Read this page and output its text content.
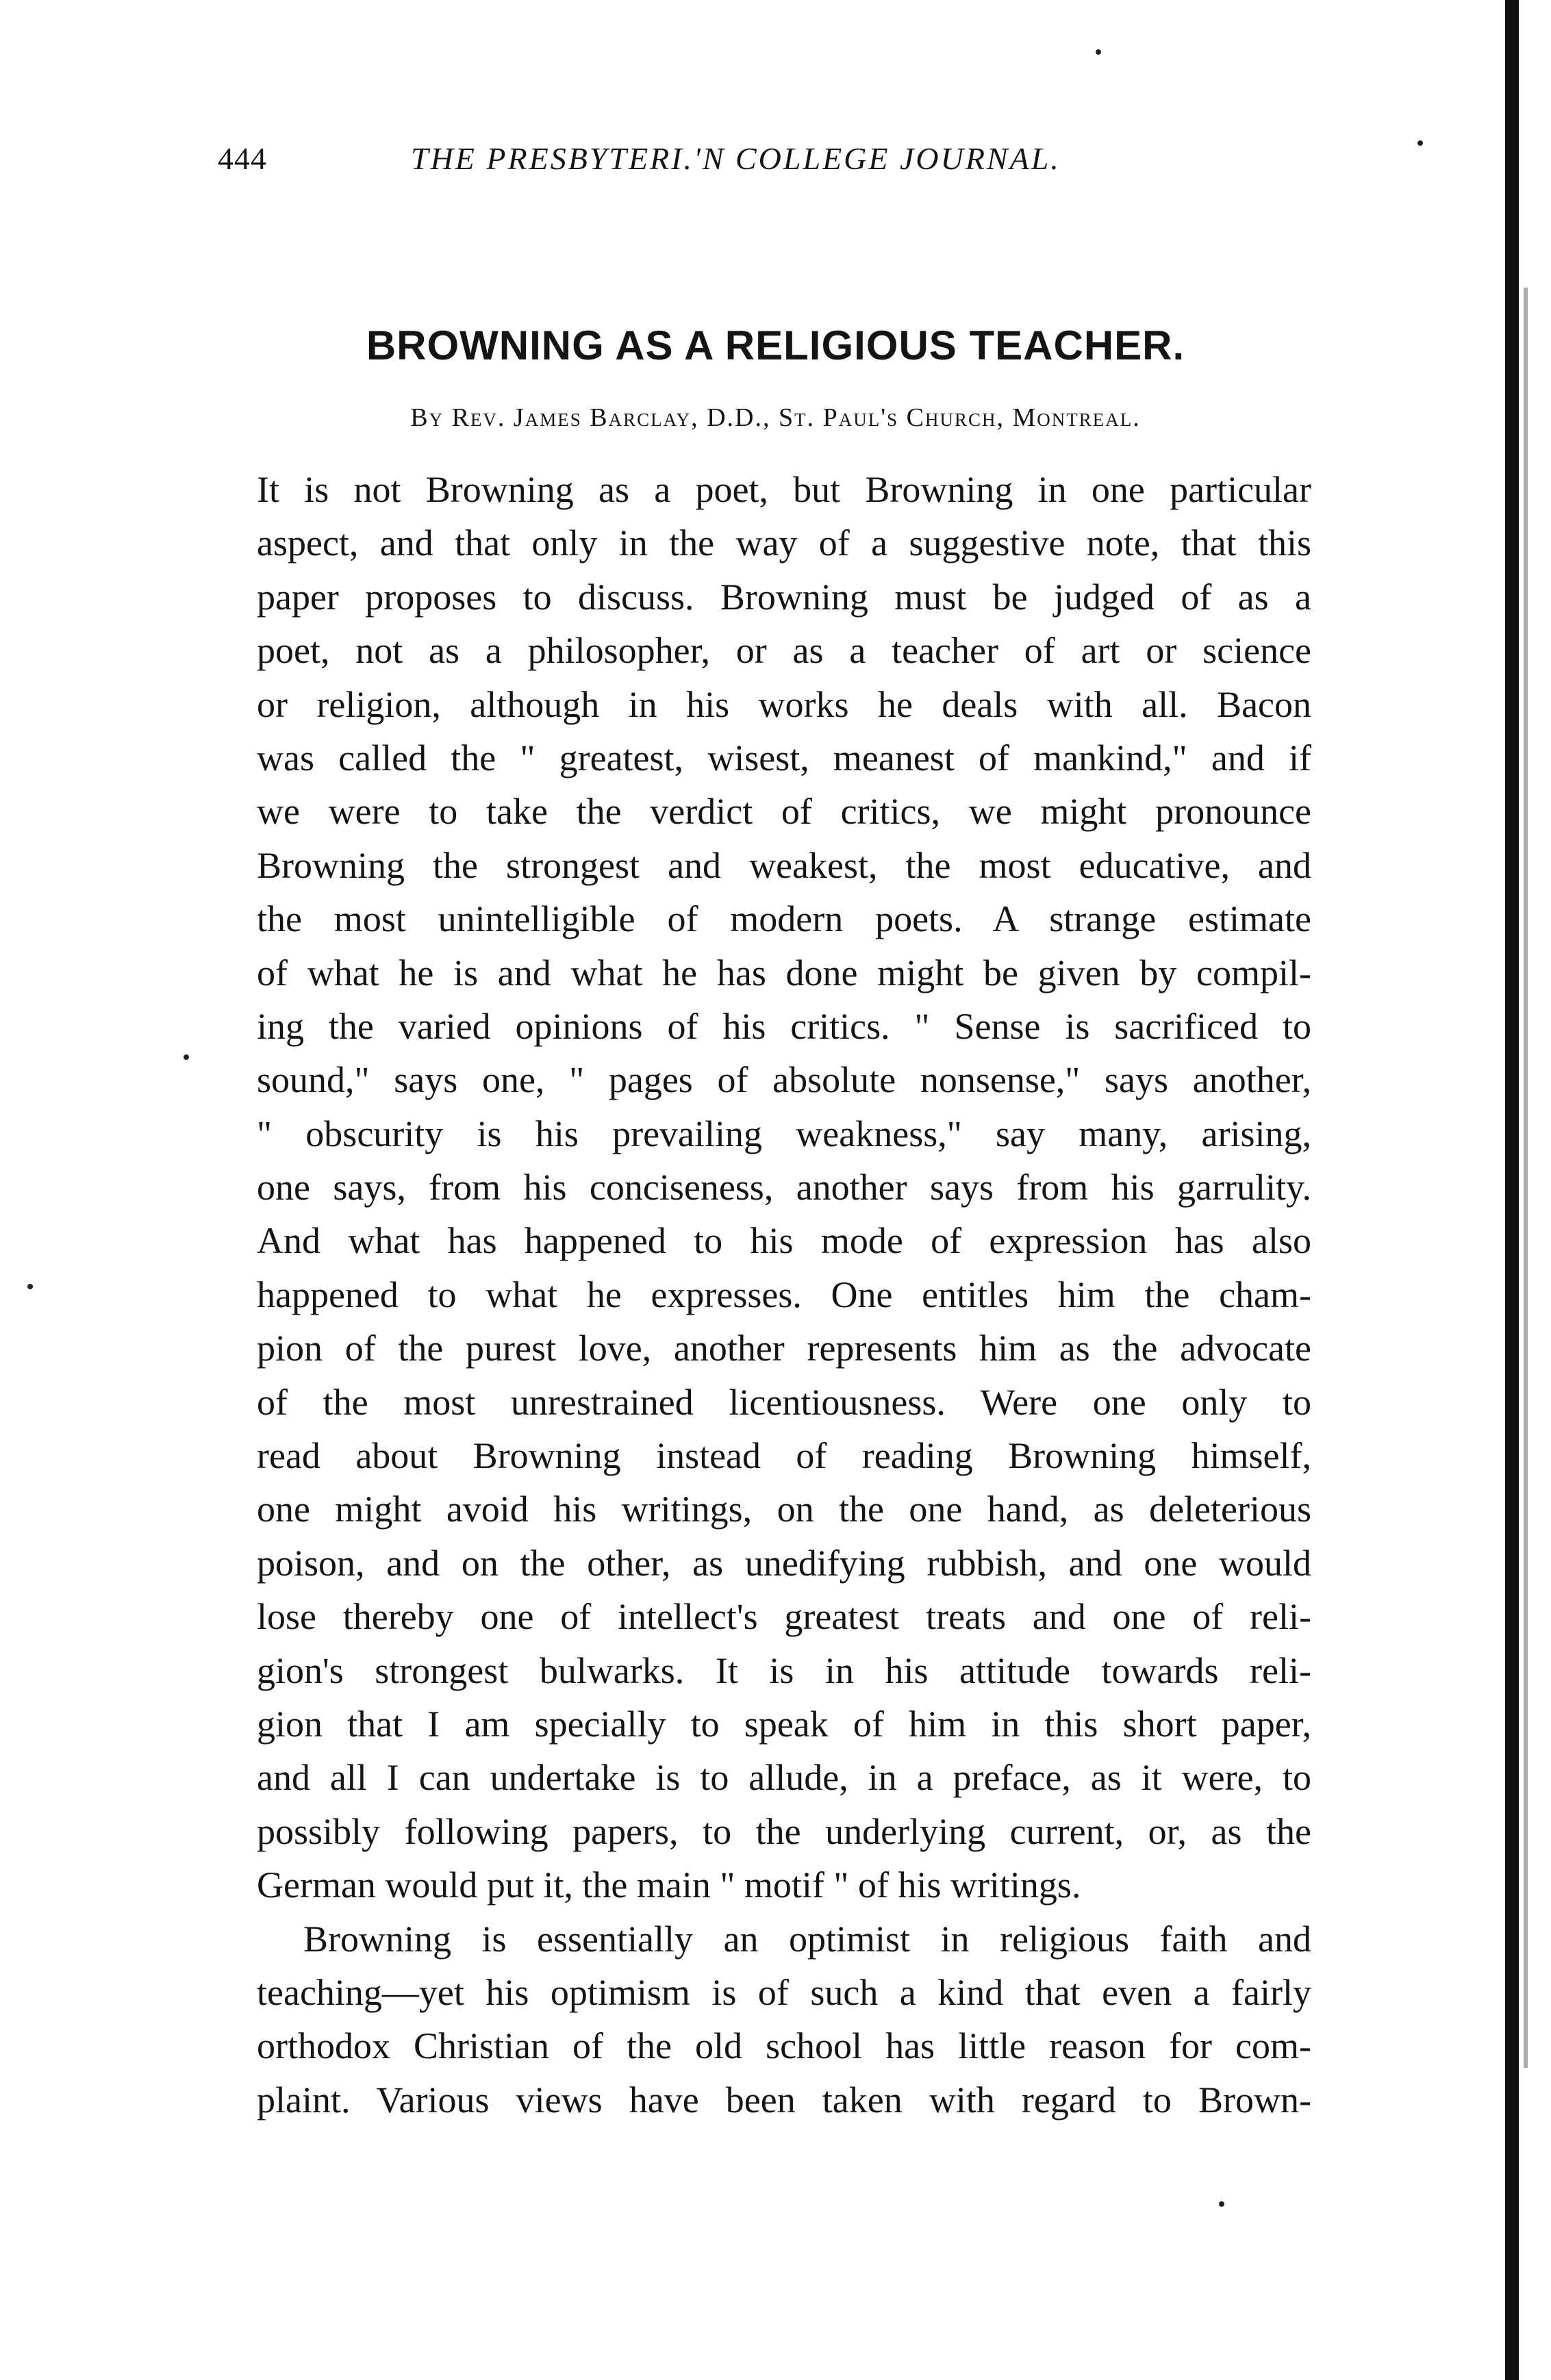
444	THE PRESBYTERI.'N COLLEGE JOURNAL.
BROWNING AS A RELIGIOUS TEACHER.
By Rev. James Barclay, D.D., St. Paul's Church, Montreal.
It is not Browning as a poet, but Browning in one particular
aspect, and that only in the way of a suggestive note, that this
paper proposes to discuss. Browning must be judged of as a
poet, not as a philosopher, or as a teacher of art or science
or religion, although in his works he deals with all. Bacon
was called the " greatest, wisest, meanest of mankind," and if
we were to take the verdict of critics, we might pronounce
Browning the strongest and weakest, the most educative, and
the most unintelligible of modern poets. A strange estimate
of what he is and what he has done might be given by compil-
ing the varied opinions of his critics. " Sense is sacrificed to
sound," says one, " pages of absolute nonsense," says another,
" obscurity is his prevailing weakness," say many, arising,
one says, from his conciseness, another says from his garrulity.
And what has happened to his mode of expression has also
happened to what he expresses. One entitles him the cham-
pion of the purest love, another represents him as the advocate
of the most unrestrained licentiousness. Were one only to
read about Browning instead of reading Browning himself,
one might avoid his writings, on the one hand, as deleterious
poison, and on the other, as unedifying rubbish, and one would
lose thereby one of intellect's greatest treats and one of reli-
gion's strongest bulwarks. It is in his attitude towards reli-
gion that I am specially to speak of him in this short paper,
and all I can undertake is to allude, in a preface, as it were, to
possibly following papers, to the underlying current, or, as the
German would put it, the main " motif " of his writings.
Browning is essentially an optimist in religious faith and
teaching—yet his optimism is of such a kind that even a fairly
orthodox Christian of the old school has little reason for com-
plaint. Various views have been taken with regard to Brown-
